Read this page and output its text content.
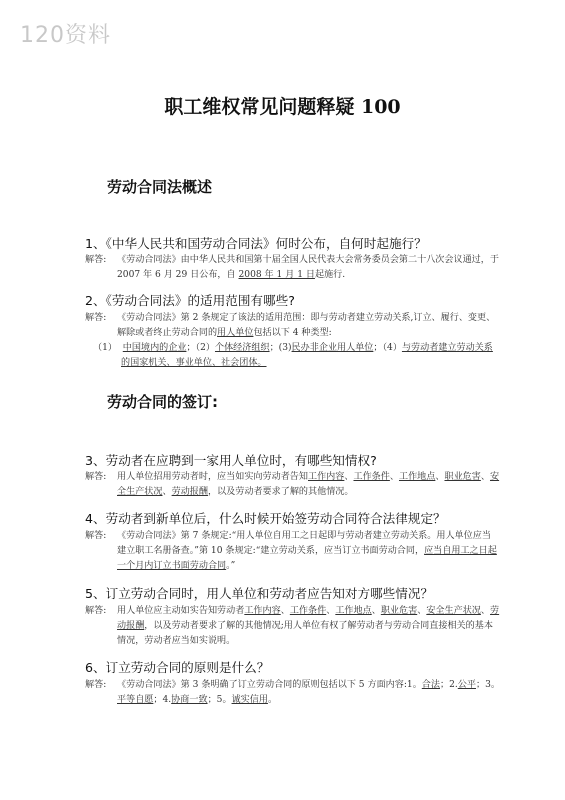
120资料
职工维权常见问题释疑 100
劳动合同法概述
1、《中华人民共和国劳动合同法》何时公布，自何时起施行？
解答: 《劳动合同法》由中华人民共和国第十届全国人民代表大会常务委员会第二十八次会议通过，于 2007 年 6 月 29 日公布，自 2008 年 1 月 1 日起施行.
2、《劳动合同法》的适用范围有哪些?
解答: 《劳动合同法》第 2 条规定了该法的适用范围：即与劳动者建立劳动关系,订立、履行、变更、解除或者终止劳动合同的用人单位包括以下 4 种类型:
（1） 中国境内的企业；（2）个体经济组织；(3)民办非企业用人单位；（4）与劳动者建立劳动关系的国家机关、事业单位、社会团体。
劳动合同的签订:
3、劳动者在应聘到一家用人单位时，有哪些知情权?
解答: 用人单位招用劳动者时，应当如实向劳动者告知工作内容、工作条件、工作地点、职业危害、安全生产状况、劳动报酬，以及劳动者要求了解的其他情况。
4、劳动者到新单位后，什么时候开始签劳动合同符合法律规定？
解答: 《劳动合同法》第 7 条规定:“用人单位自用工之日起即与劳动者建立劳动关系。用人单位应当建立职工名册备查。”第 10 条规定:“建立劳动关系，应当订立书面劳动合同，应当自用工之日起一个月内订立书面劳动合同。”
5、订立劳动合同时，用人单位和劳动者应告知对方哪些情况？
解答: 用人单位应主动如实告知劳动者工作内容、工作条件、工作地点、职业危害、安全生产状况、劳动报酬，以及劳动者要求了解的其他情况;用人单位有权了解劳动者与劳动合同直接相关的基本情况，劳动者应当如实说明。
6、订立劳动合同的原则是什么？
解答: 《劳动合同法》第 3 条明确了订立劳动合同的原则包括以下 5 方面内容:1。合法；2.公平；3。平等自愿；4.协商一致；5。诚实信用。
